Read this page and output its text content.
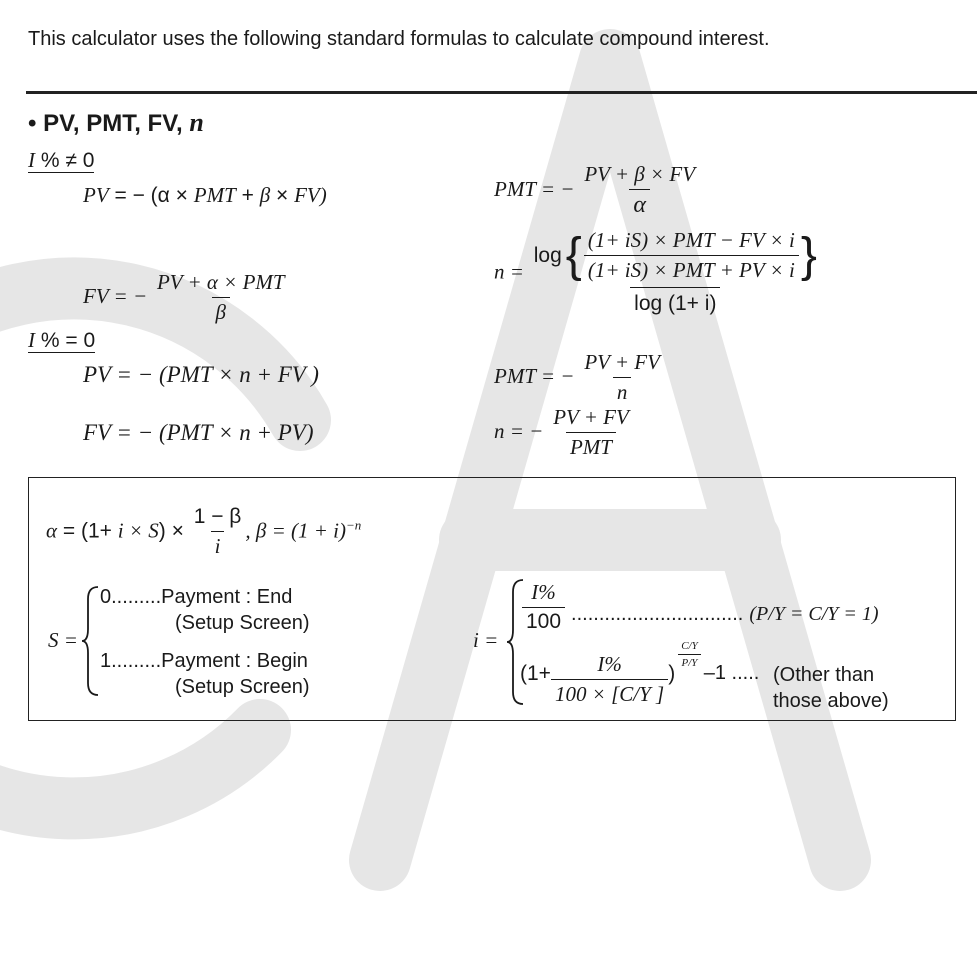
This calculator uses the following standard formulas to calculate compound interest.
• PV, PMT, FV, n
I % ≠ 0
PV = − (α × PMT + β × FV)	PMT = − $\frac{PV + \beta \times FV}{\alpha}$
FV = − $\frac{\text{PV + α × PMT}}{\beta}$	n =
log { $\frac{\text{(1+ iS) × PMT − FV × i}}{\text{(1+ iS) × PMT + PV × i}}$ }
log (1+ i)
I % = 0
PV = − (PMT × n + FV )	PMT = − $\frac{PV + FV}{n}$
FV = − (PMT × n + PV)	n = − $\frac{PV + FV}{\text{PMT}}$
$\alpha = (1+ i \times S) \times \frac{1 - \beta}{i}$ , $\beta = (1 + i)^{-n}$
S =
0.........Payment : End
(Setup Screen)
1.........Payment : Begin
(Setup Screen)
i =
$\frac{I\%}{100}$ ............................... (P/Y = C/Y = 1)
($1+ \frac{I\%}{100 \times [C/Y ]}$ )
$\frac{C/Y}{P/Y}$
–1 ..... (Other than
those above)
